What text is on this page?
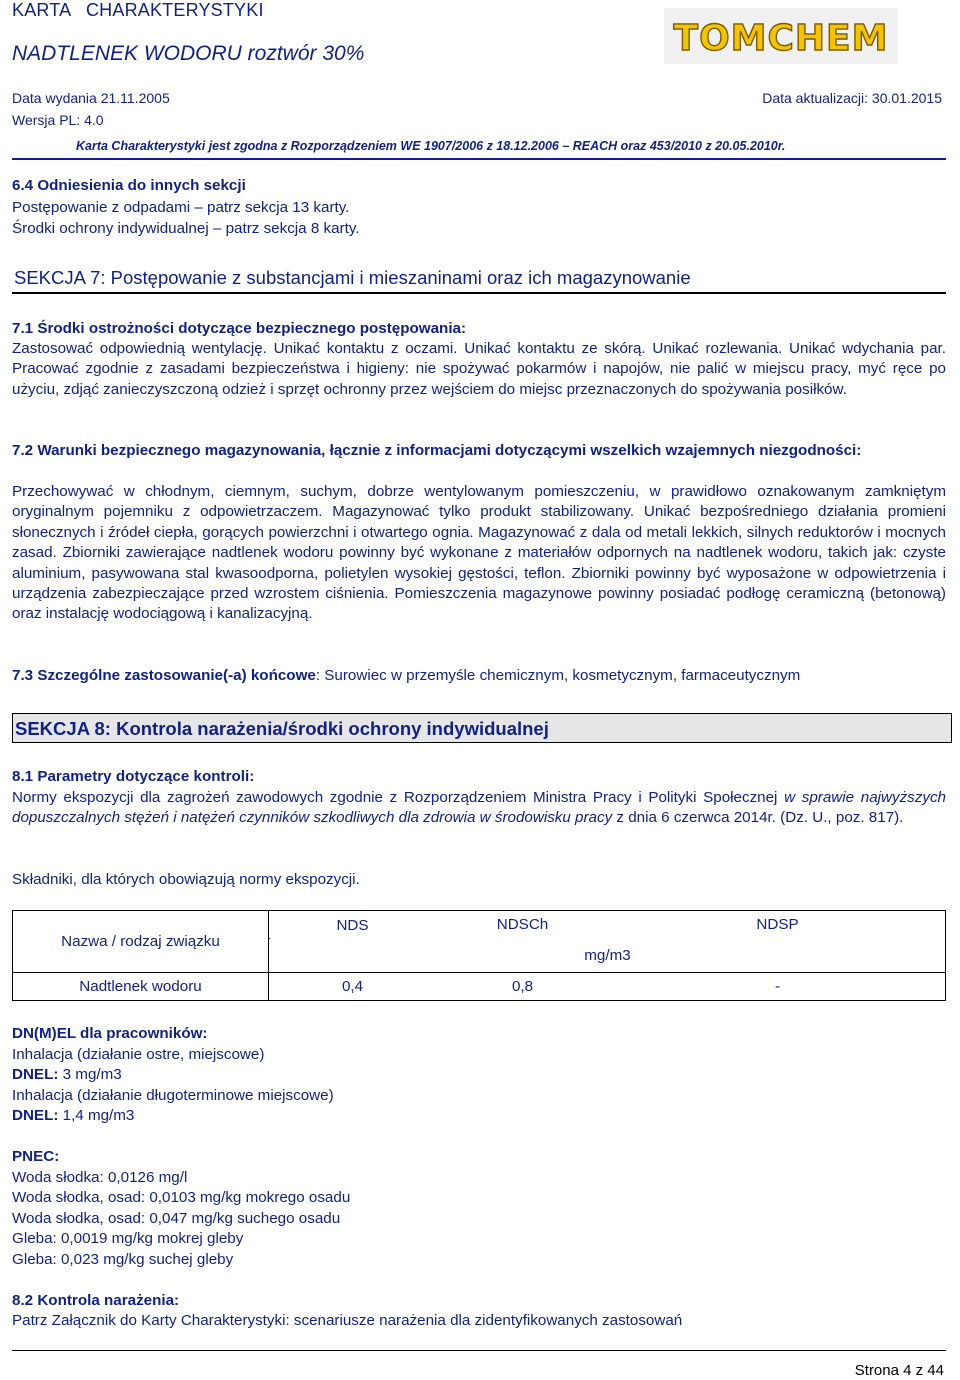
KARTA   CHARAKTERYSTYKI
NADTLENEK WODORU roztwór 30%
Data wydania 21.11.2005	Data aktualizacji: 30.01.2015
Wersja PL: 4.0
Karta Charakterystyki jest zgodna z Rozporządzeniem WE 1907/2006 z 18.12.2006 – REACH oraz 453/2010 z 20.05.2010r.
TOMCHEM
6.4 Odniesienia do innych sekcji
Postępowanie z odpadami – patrz sekcja 13 karty.
Środki ochrony indywidualnej – patrz sekcja 8 karty.
SEKCJA 7: Postępowanie z substancjami i mieszaninami oraz ich magazynowanie
7.1 Środki ostrożności dotyczące bezpiecznego postępowania:
Zastosować odpowiednią wentylację. Unikać kontaktu z oczami. Unikać kontaktu ze skórą. Unikać rozlewania. Unikać wdychania par. Pracować zgodnie z zasadami bezpieczeństwa i higieny: nie spożywać pokarmów i napojów, nie palić w miejscu pracy, myć ręce po użyciu, zdjąć zanieczyszczoną odzież i sprzęt ochronny przez wejściem do miejsc przeznaczonych do spożywania posiłków.
7.2 Warunki bezpiecznego magazynowania, łącznie z informacjami dotyczącymi wszelkich wzajemnych niezgodności:
Przechowywać w chłodnym, ciemnym, suchym, dobrze wentylowanym pomieszczeniu, w prawidłowo oznakowanym zamkniętym oryginalnym pojemniku z odpowietrzaczem. Magazynować tylko produkt stabilizowany. Unikać bezpośredniego działania promieni słonecznych i źródeł ciepła, gorących powierzchni i otwartego ognia. Magazynować z dala od metali lekkich, silnych reduktorów i mocnych zasad. Zbiorniki zawierające nadtlenek wodoru powinny być wykonane z materiałów odpornych na nadtlenek wodoru, takich jak: czyste aluminium, pasywowana stal kwasoodporna, polietylen wysokiej gęstości, teflon. Zbiorniki powinny być wyposażone w odpowietrzenia i urządzenia zabezpieczające przed wzrostem ciśnienia. Pomieszczenia magazynowe powinny posiadać podłogę ceramiczną (betonową) oraz instalację wodociągową i kanalizacyjną.
7.3 Szczególne zastosowanie(-a) końcowe: Surowiec w przemyśle chemicznym, kosmetycznym, farmaceutycznym
SEKCJA 8: Kontrola narażenia/środki ochrony indywidualnej
8.1 Parametry dotyczące kontroli:
Normy ekspozycji dla zagrożeń zawodowych zgodnie z Rozporządzeniem Ministra Pracy i Polityki Społecznej w sprawie najwyższych dopuszczalnych stężeń i natężeń czynników szkodliwych dla zdrowia w środowisku pracy z dnia 6 czerwca 2014r. (Dz. U., poz. 817).
Składniki, dla których obowiązują normy ekspozycji.
Nazwa / rodzaj związku		NDS	NDSCh	NDSP
		mg/m3		
Nadtlenek wodoru		0,4	0,8	-
DN(M)EL dla pracowników:
Inhalacja (działanie ostre, miejscowe)
DNEL: 3 mg/m3
Inhalacja (działanie długoterminowe miejscowe)
DNEL: 1,4 mg/m3
PNEC:
Woda słodka: 0,0126 mg/l
Woda słodka, osad: 0,0103 mg/kg mokrego osadu
Woda słodka, osad: 0,047 mg/kg suchego osadu
Gleba: 0,0019 mg/kg mokrej gleby
Gleba: 0,023 mg/kg suchej gleby
8.2 Kontrola narażenia:
Patrz Załącznik do Karty Charakterystyki: scenariusze narażenia dla zidentyfikowanych zastosowań
Strona 4 z 44
